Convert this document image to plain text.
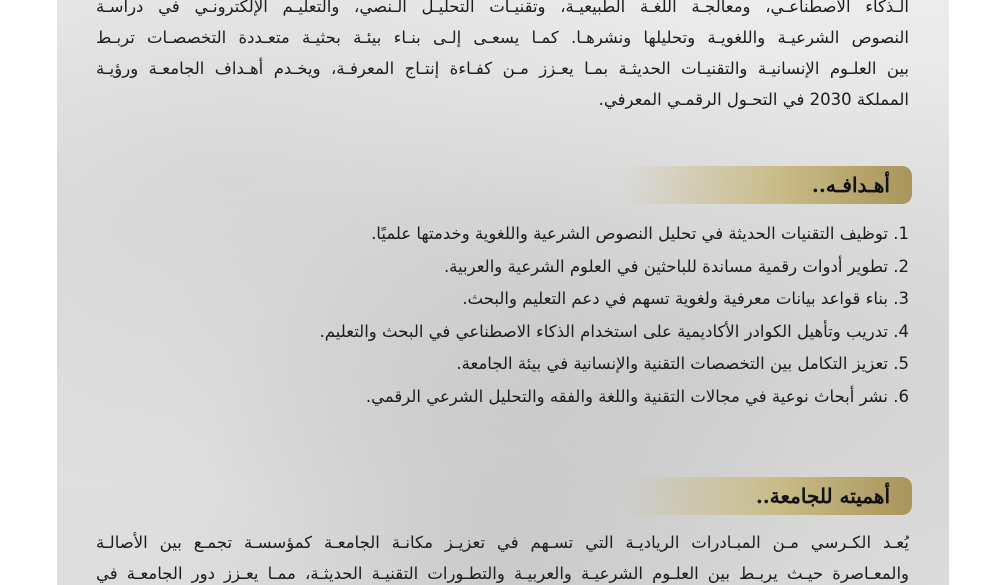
الـذكاء الاصطناعـي، ومعالجـة اللغـة الطبيعيـة، وتقنيـات التحليـل الـنصي، والتعليـم الإلكترونـي في دراسـة
النصوص الشرعيـة واللغويـة وتحليلها ونشرهـا. كمـا يسعـى إلـى بنـاء بيئـة بحثيـة متعـددة التخصصـات تربـط
بين العلـوم الإنسانيـة والتقنيـات الحديثـة بمـا يعـزز مـن كفـاءة إنتـاج المعرفـة، ويخـدم أهـداف الجامعـة ورؤيـة
المملكة 2030 في التحـول الرقمـي المعرفي.
أهـدافـه..
1. توظيف التقنيات الحديثة في تحليل النصوص الشرعية واللغوية وخدمتها علميًا.
2. تطوير أدوات رقمية مساندة للباحثين في العلوم الشرعية والعربية.
3. بناء قواعد بيانات معرفية ولغوية تسهم في دعم التعليم والبحث.
4. تدريب وتأهيل الكوادر الأكاديمية على استخدام الذكاء الاصطناعي في البحث والتعليم.
5. تعزيز التكامل بين التخصصات التقنية والإنسانية في بيئة الجامعة.
6. نشر أبحاث نوعية في مجالات التقنية واللغة والفقه والتحليل الشرعي الرقمي.
أهميته للجامعة..
يُعـد الكـرسي مـن المبـادرات الرياديـة التي تسـهم في تعزيـز مكانـة الجامعـة كمؤسسـة تجمـع بين الأصالـة
والمعـاصرة حيـث يربـط بين العلـوم الشرعيـة والعربيـة والتطـورات التقنيـة الحديثـة، ممـا يعـزز دور الجامعـة في
